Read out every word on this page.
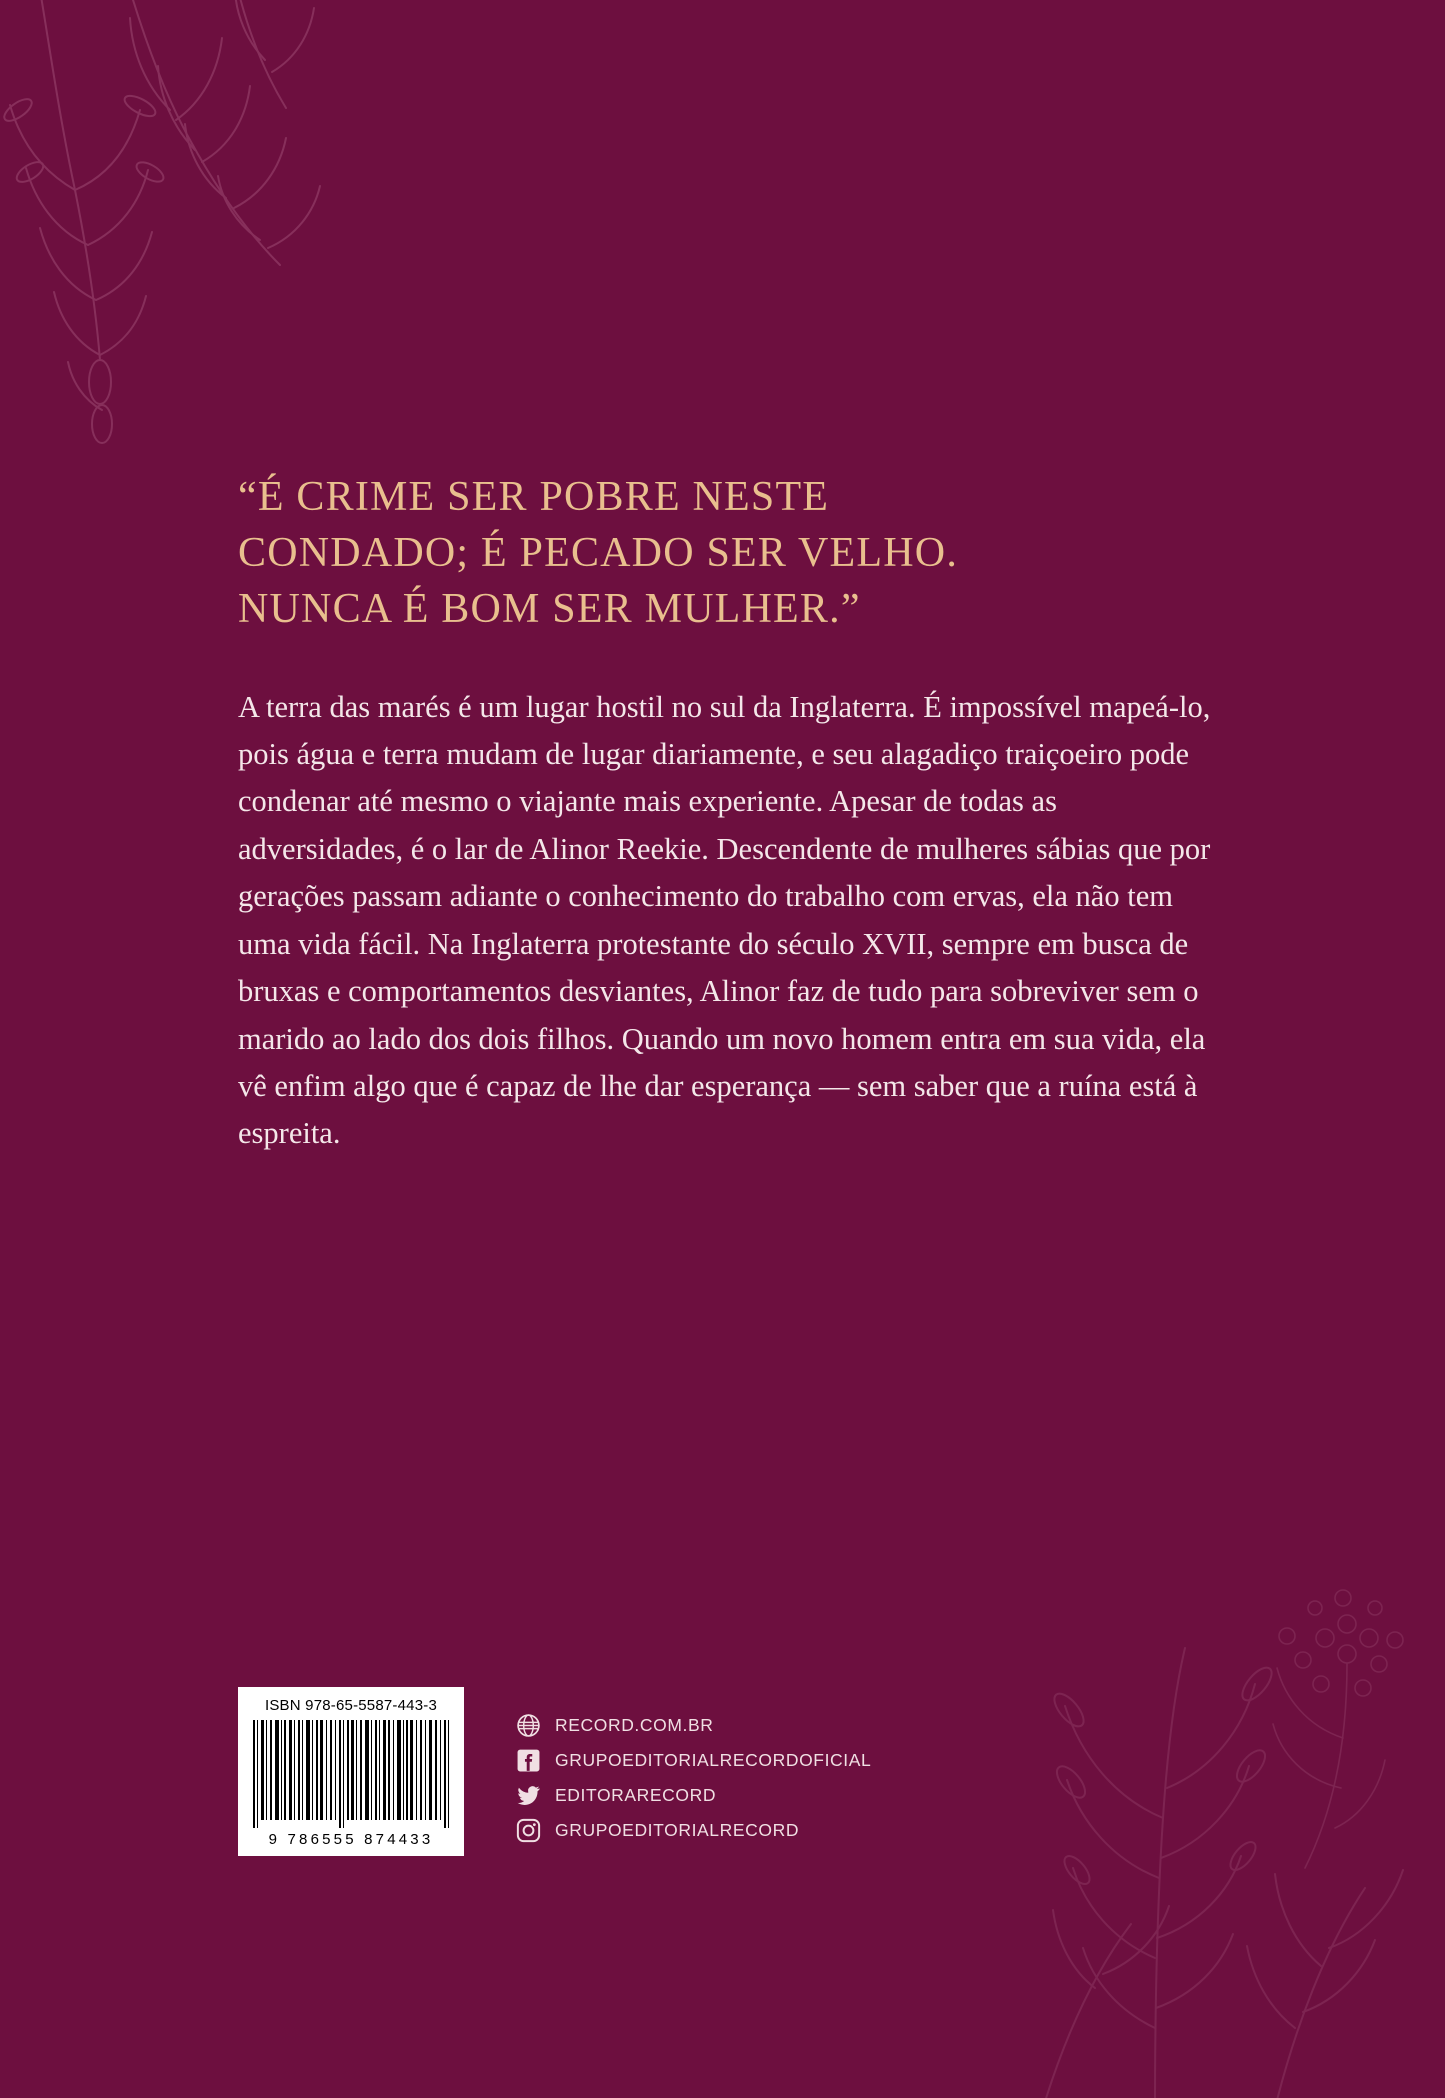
“É CRIME SER POBRE NESTE CONDADO; É PECADO SER VELHO. NUNCA É BOM SER MULHER.”

A terra das marés é um lugar hostil no sul da Inglaterra. É impossível mapeá-lo, pois água e terra mudam de lugar diariamente, e seu alagadiço traiçoeiro pode condenar até mesmo o viajante mais experiente. Apesar de todas as adversidades, é o lar de Alinor Reekie. Descendente de mulheres sábias que por gerações passam adiante o conhecimento do trabalho com ervas, ela não tem uma vida fácil. Na Inglaterra protestante do século XVII, sempre em busca de bruxas e comportamentos desviantes, Alinor faz de tudo para sobreviver sem o marido ao lado dos dois filhos. Quando um novo homem entra em sua vida, ela vê enfim algo que é capaz de lhe dar esperança — sem saber que a ruína está à espreita.

ISBN 978-65-5587-443-3
9 786555 874433
RECORD.COM.BR
GRUPOEDITORIALRECORDOFICIAL
EDITORARECORD
GRUPOEDITORIALRECORD
